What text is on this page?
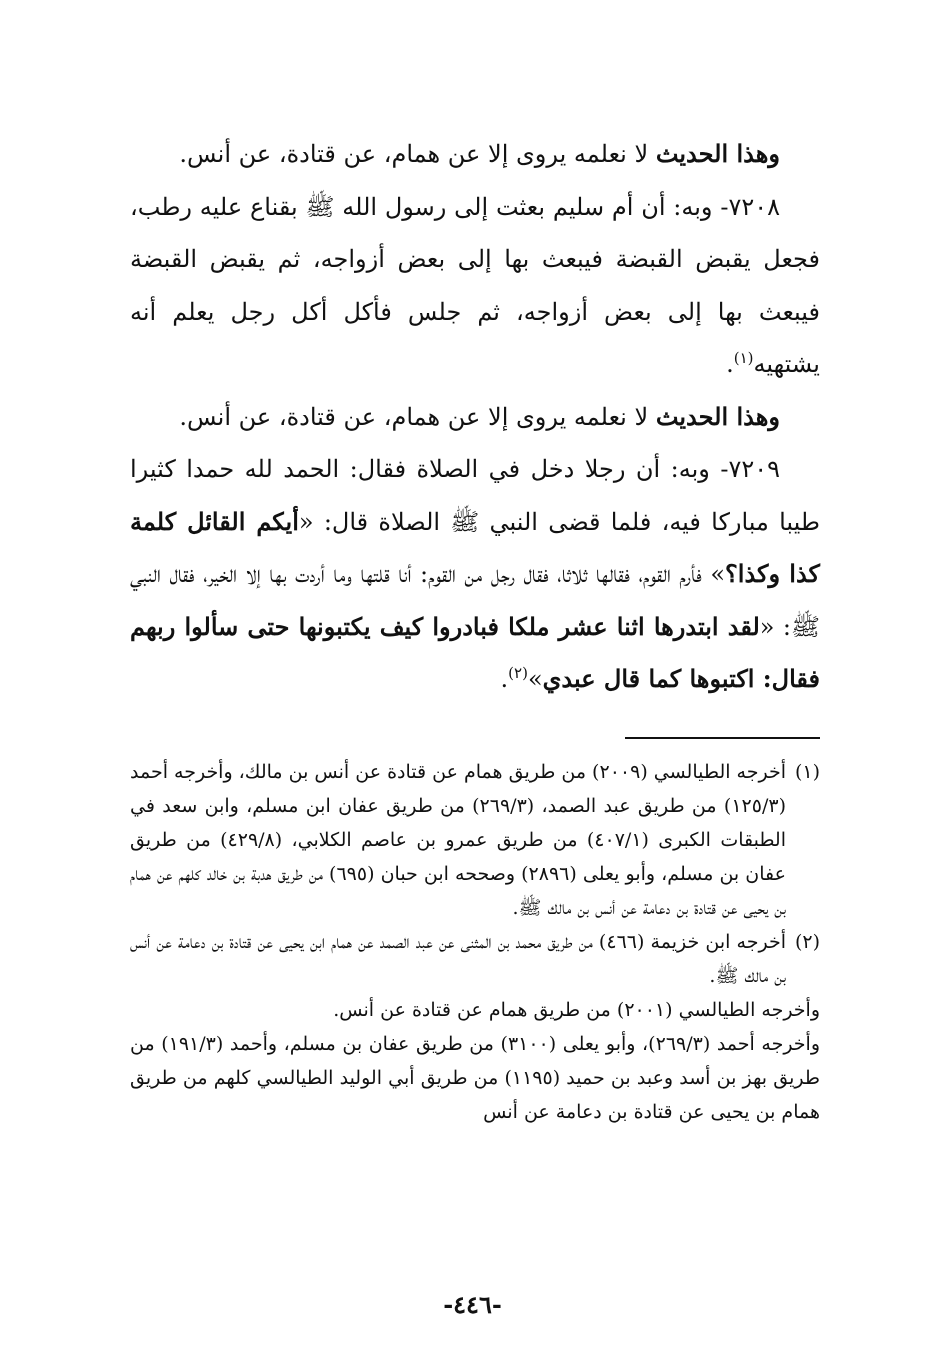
وهذا الحديث لا نعلمه يروى إلا عن همام، عن قتادة، عن أنس.

٧٢٠٨- وبه: أن أم سليم بعثت إلى رسول الله ﷺ بقناع عليه رطب، فجعل يقبض القبضة فيبعث بها إلى بعض أزواجه، ثم يقبض القبضة فيبعث بها إلى بعض أزواجه، ثم جلس فأكل أكل رجل يعلم أنه يشتهيه$^{(١)}$.

وهذا الحديث لا نعلمه يروى إلا عن همام، عن قتادة، عن أنس.

٧٢٠٩- وبه: أن رجلا دخل في الصلاة فقال: الحمد لله حمدا كثيرا طيبا مباركا فيه، فلما قضى النبي ﷺ الصلاة قال: «أيكم القائل كلمة كذا وكذا؟» فأرم القوم، فقالها ثلاثا، فقال رجل من القوم: أنا قلتها وما أردت بها إلا الخير، فقال النبي ﷺ: «لقد ابتدرها اثنا عشر ملكا فبادروا كيف يكتبونها حتى سألوا ربهم فقال: اكتبوها كما قال عبدي»$^{(٢)}$.

(١)
أخرجه الطيالسي (٢٠٠٩) من طريق همام عن قتادة عن أنس بن مالك، وأخرجه أحمد (١٢٥/٣) من طريق عبد الصمد، (٢٦٩/٣) من طريق عفان ابن مسلم، وابن سعد في الطبقات الكبرى (٤٠٧/١) من طريق عمرو بن عاصم الكلابي، (٤٢٩/٨) من طريق عفان بن مسلم، وأبو يعلى (٢٨٩٦) وصححه ابن حبان (٦٩٥) من طريق هدبة بن خالد كلهم عن همام بن يحيى عن قتادة بن دعامة عن أنس بن مالك ﷺ.

(٢)
أخرجه ابن خزيمة (٤٦٦) من طريق محمد بن المثنى عن عبد الصمد عن همام ابن يحيى عن قتادة بن دعامة عن أنس بن مالك ﷺ.

وأخرجه الطيالسي (٢٠٠١) من طريق همام عن قتادة عن أنس.

وأخرجه أحمد (٢٦٩/٣)، وأبو يعلى (٣١٠٠) من طريق عفان بن مسلم، وأحمد (١٩١/٣) من طريق بهز بن أسد وعبد بن حميد (١١٩٥) من طريق أبي الوليد الطيالسي كلهم من طريق همام بن يحيى عن قتادة بن دعامة عن أنس

-٤٤٦-
